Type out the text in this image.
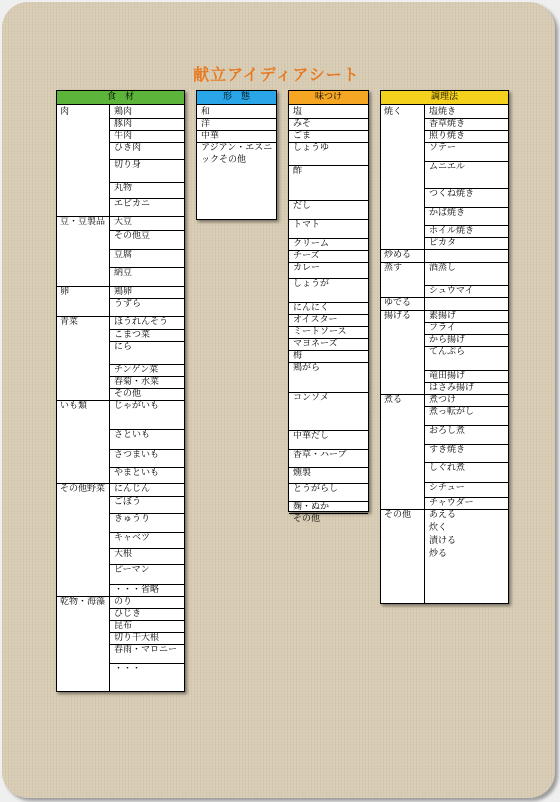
献立アイディアシート
食　材
肉	鶏肉
豚肉
牛肉
ひき肉
切り身
丸物
エビカニ
豆・豆製品 大豆
その他豆
豆腐
納豆
卵	鶏卵
うずら
青菜	ほうれんそう
こまつ菜
にら
チンゲン菜
春菊・水菜
その他
いも類	じゃがいも
さといも
さつまいも
やまといも
その他野菜 にんじん
ごぼう
きゅうり
キャベツ
大根
ピーマン
・・・省略
乾物・海藻 のり
ひじき
昆布
切り干大根
春雨・マロニー
・・・
形　態
和
洋
中華
アジアン・エスニックその他
味つけ
塩
みそ
ごま
しょうゆ
酢
だし
トマト
クリーム
チーズ
カレー
しょうが
にんにく
オイスター
ミートソース
マヨネーズ
梅
鶏がら
コンソメ
中華だし
香草・ハーブ
燻製
とうがらし
麹・ぬか
その他
調理法
焼く	塩焼き
香草焼き
照り焼き
ソテー
ムニエル
つくね焼き
かば焼き
ホイル焼き
ピカタ
炒める
蒸す	酒蒸し
シュウマイ
ゆでる
揚げる 素揚げ
フライ
から揚げ
てんぷら
竜田揚げ
はさみ揚げ
煮る	煮つけ
煮っ転がし
おろし煮
すき焼き
しぐれ煮
シチュー
チャウダー
その他 あえる
炊く
漬ける
炒る
